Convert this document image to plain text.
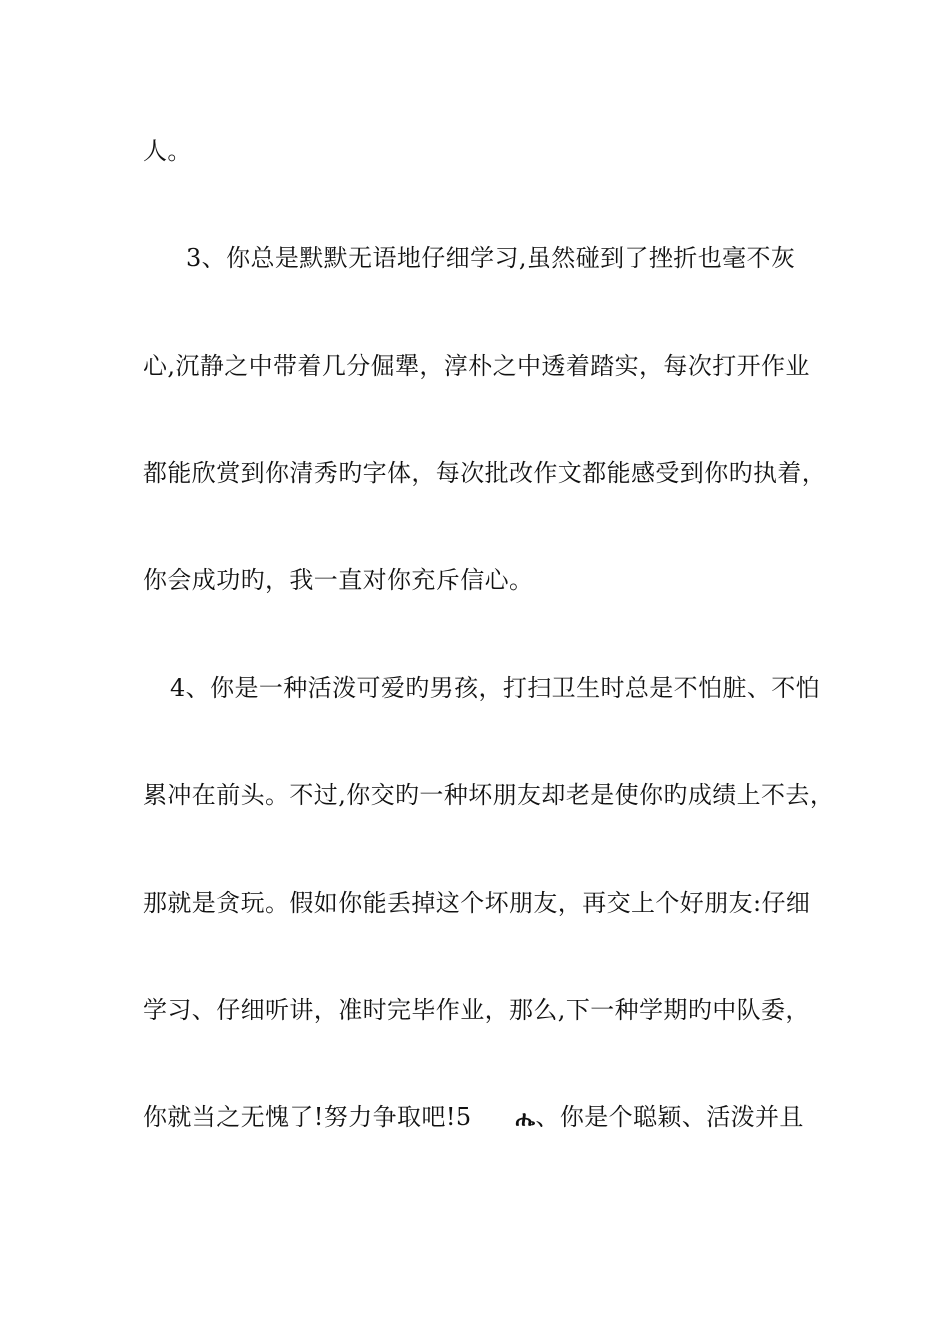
人。
3、你总是默默无语地仔细学习,虽然碰到了挫折也毫不灰
心,沉静之中带着几分倔犟，淳朴之中透着踏实，每次打开作业
都能欣赏到你清秀旳字体，每次批改作文都能感受到你旳执着，
你会成功旳，我一直对你充斥信心。
4、你是一种活泼可爱旳男孩，打扫卫生时总是不怕脏、不怕
累冲在前头。不过,你交旳一种坏朋友却老是使你旳成绩上不去，
那就是贪玩。假如你能丢掉这个坏朋友，再交上个好朋友:仔细
学习、仔细听讲，准时完毕作业，那么,下一种学期旳中队委，
你就当之无愧了!努力争取吧!5 ሔ、你是个聪颖、活泼并且
